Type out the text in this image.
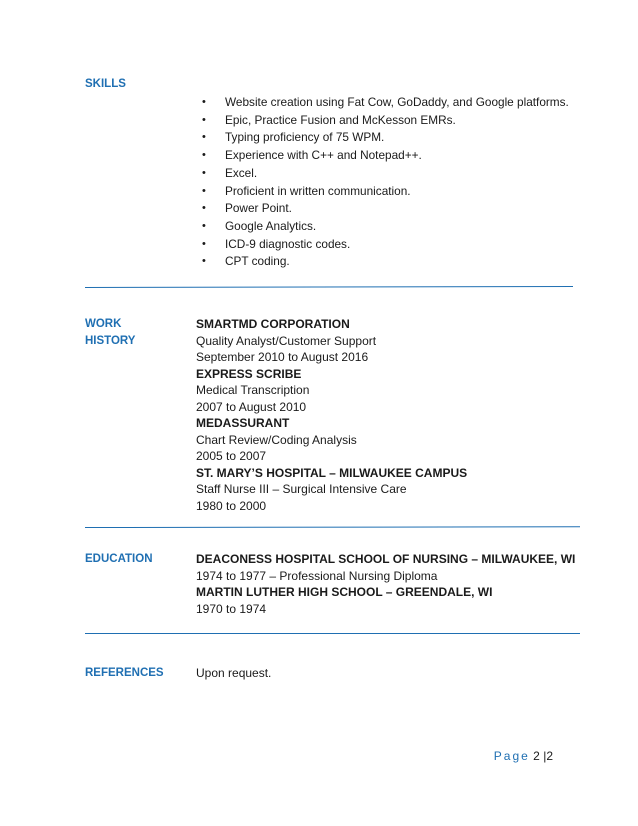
SKILLS
• Website creation using Fat Cow, GoDaddy, and Google platforms.
• Epic, Practice Fusion and McKesson EMRs.
• Typing proficiency of 75 WPM.
• Experience with C++ and Notepad++.
• Excel.
• Proficient in written communication.
• Power Point.
• Google Analytics.
• ICD-9 diagnostic codes.
• CPT coding.
WORK
HISTORY
SMARTMD CORPORATION
Quality Analyst/Customer Support
September 2010 to August 2016
EXPRESS SCRIBE
Medical Transcription
2007 to August 2010
MEDASSURANT
Chart Review/Coding Analysis
2005 to 2007
ST. MARY’S HOSPITAL – MILWAUKEE CAMPUS
Staff Nurse III – Surgical Intensive Care
1980 to 2000
EDUCATION	DEACONESS HOSPITAL SCHOOL OF NURSING – MILWAUKEE, WI
1974 to 1977 – Professional Nursing Diploma
MARTIN LUTHER HIGH SCHOOL – GREENDALE, WI
1970 to 1974
REFERENCES	Upon request.
Page 2 |2
